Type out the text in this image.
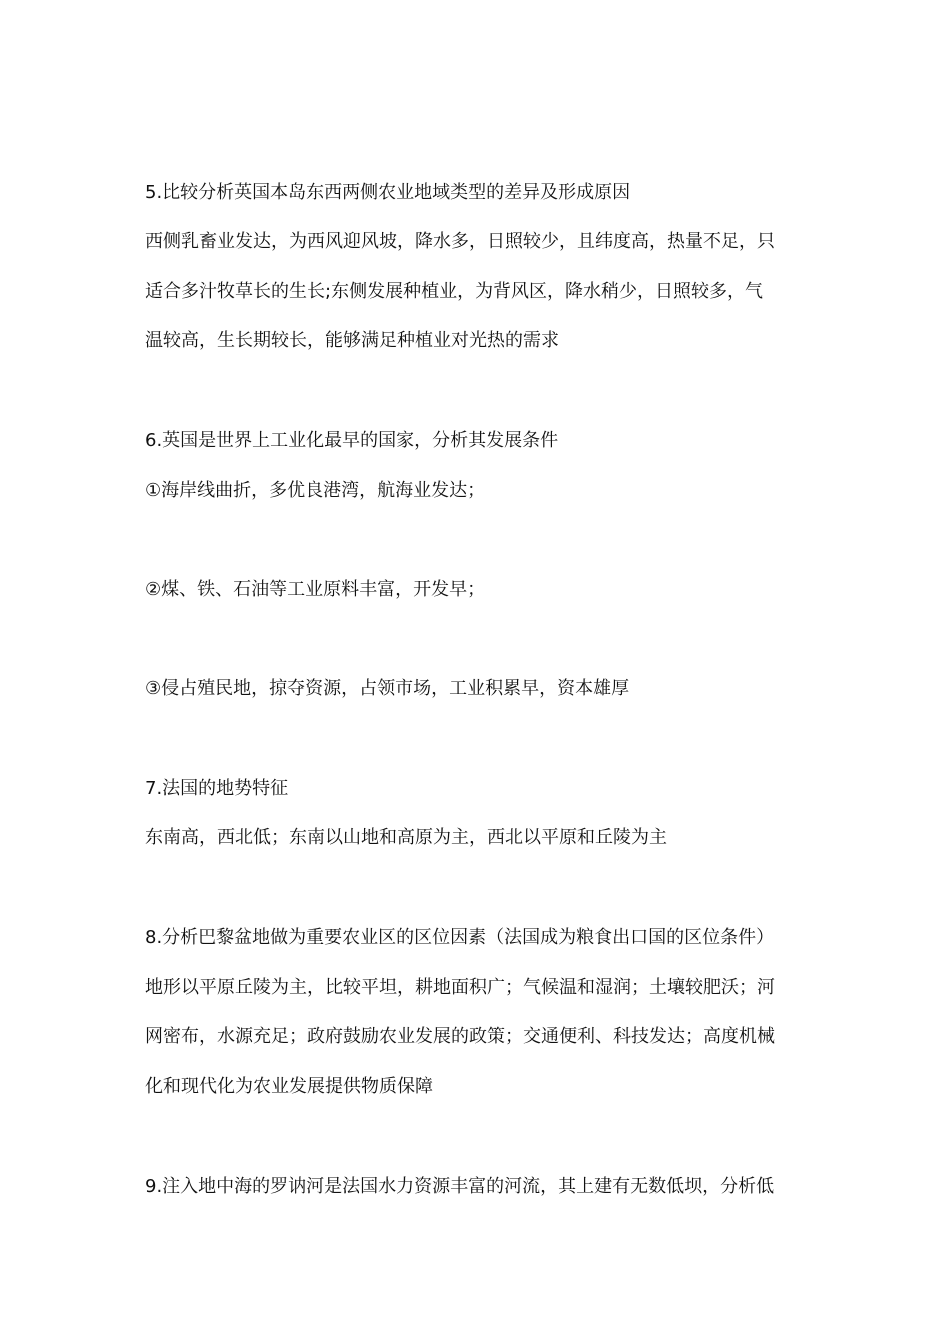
5.比较分析英国本岛东西两侧农业地域类型的差异及形成原因
西侧乳畜业发达，为西风迎风坡，降水多，日照较少，且纬度高，热量不足，只
适合多汁牧草长的生长;东侧发展种植业，为背风区，降水稍少，日照较多，气
温较高，生长期较长，能够满足种植业对光热的需求
6.英国是世界上工业化最早的国家，分析其发展条件
①海岸线曲折，多优良港湾，航海业发达；
②煤、铁、石油等工业原料丰富，开发早；
③侵占殖民地，掠夺资源，占领市场，工业积累早，资本雄厚
7.法国的地势特征
东南高，西北低；东南以山地和高原为主，西北以平原和丘陵为主
8.分析巴黎盆地做为重要农业区的区位因素（法国成为粮食出口国的区位条件）
地形以平原丘陵为主，比较平坦，耕地面积广；气候温和湿润；土壤较肥沃；河
网密布，水源充足；政府鼓励农业发展的政策；交通便利、科技发达；高度机械
化和现代化为农业发展提供物质保障
9.注入地中海的罗讷河是法国水力资源丰富的河流，其上建有无数低坝，分析低
